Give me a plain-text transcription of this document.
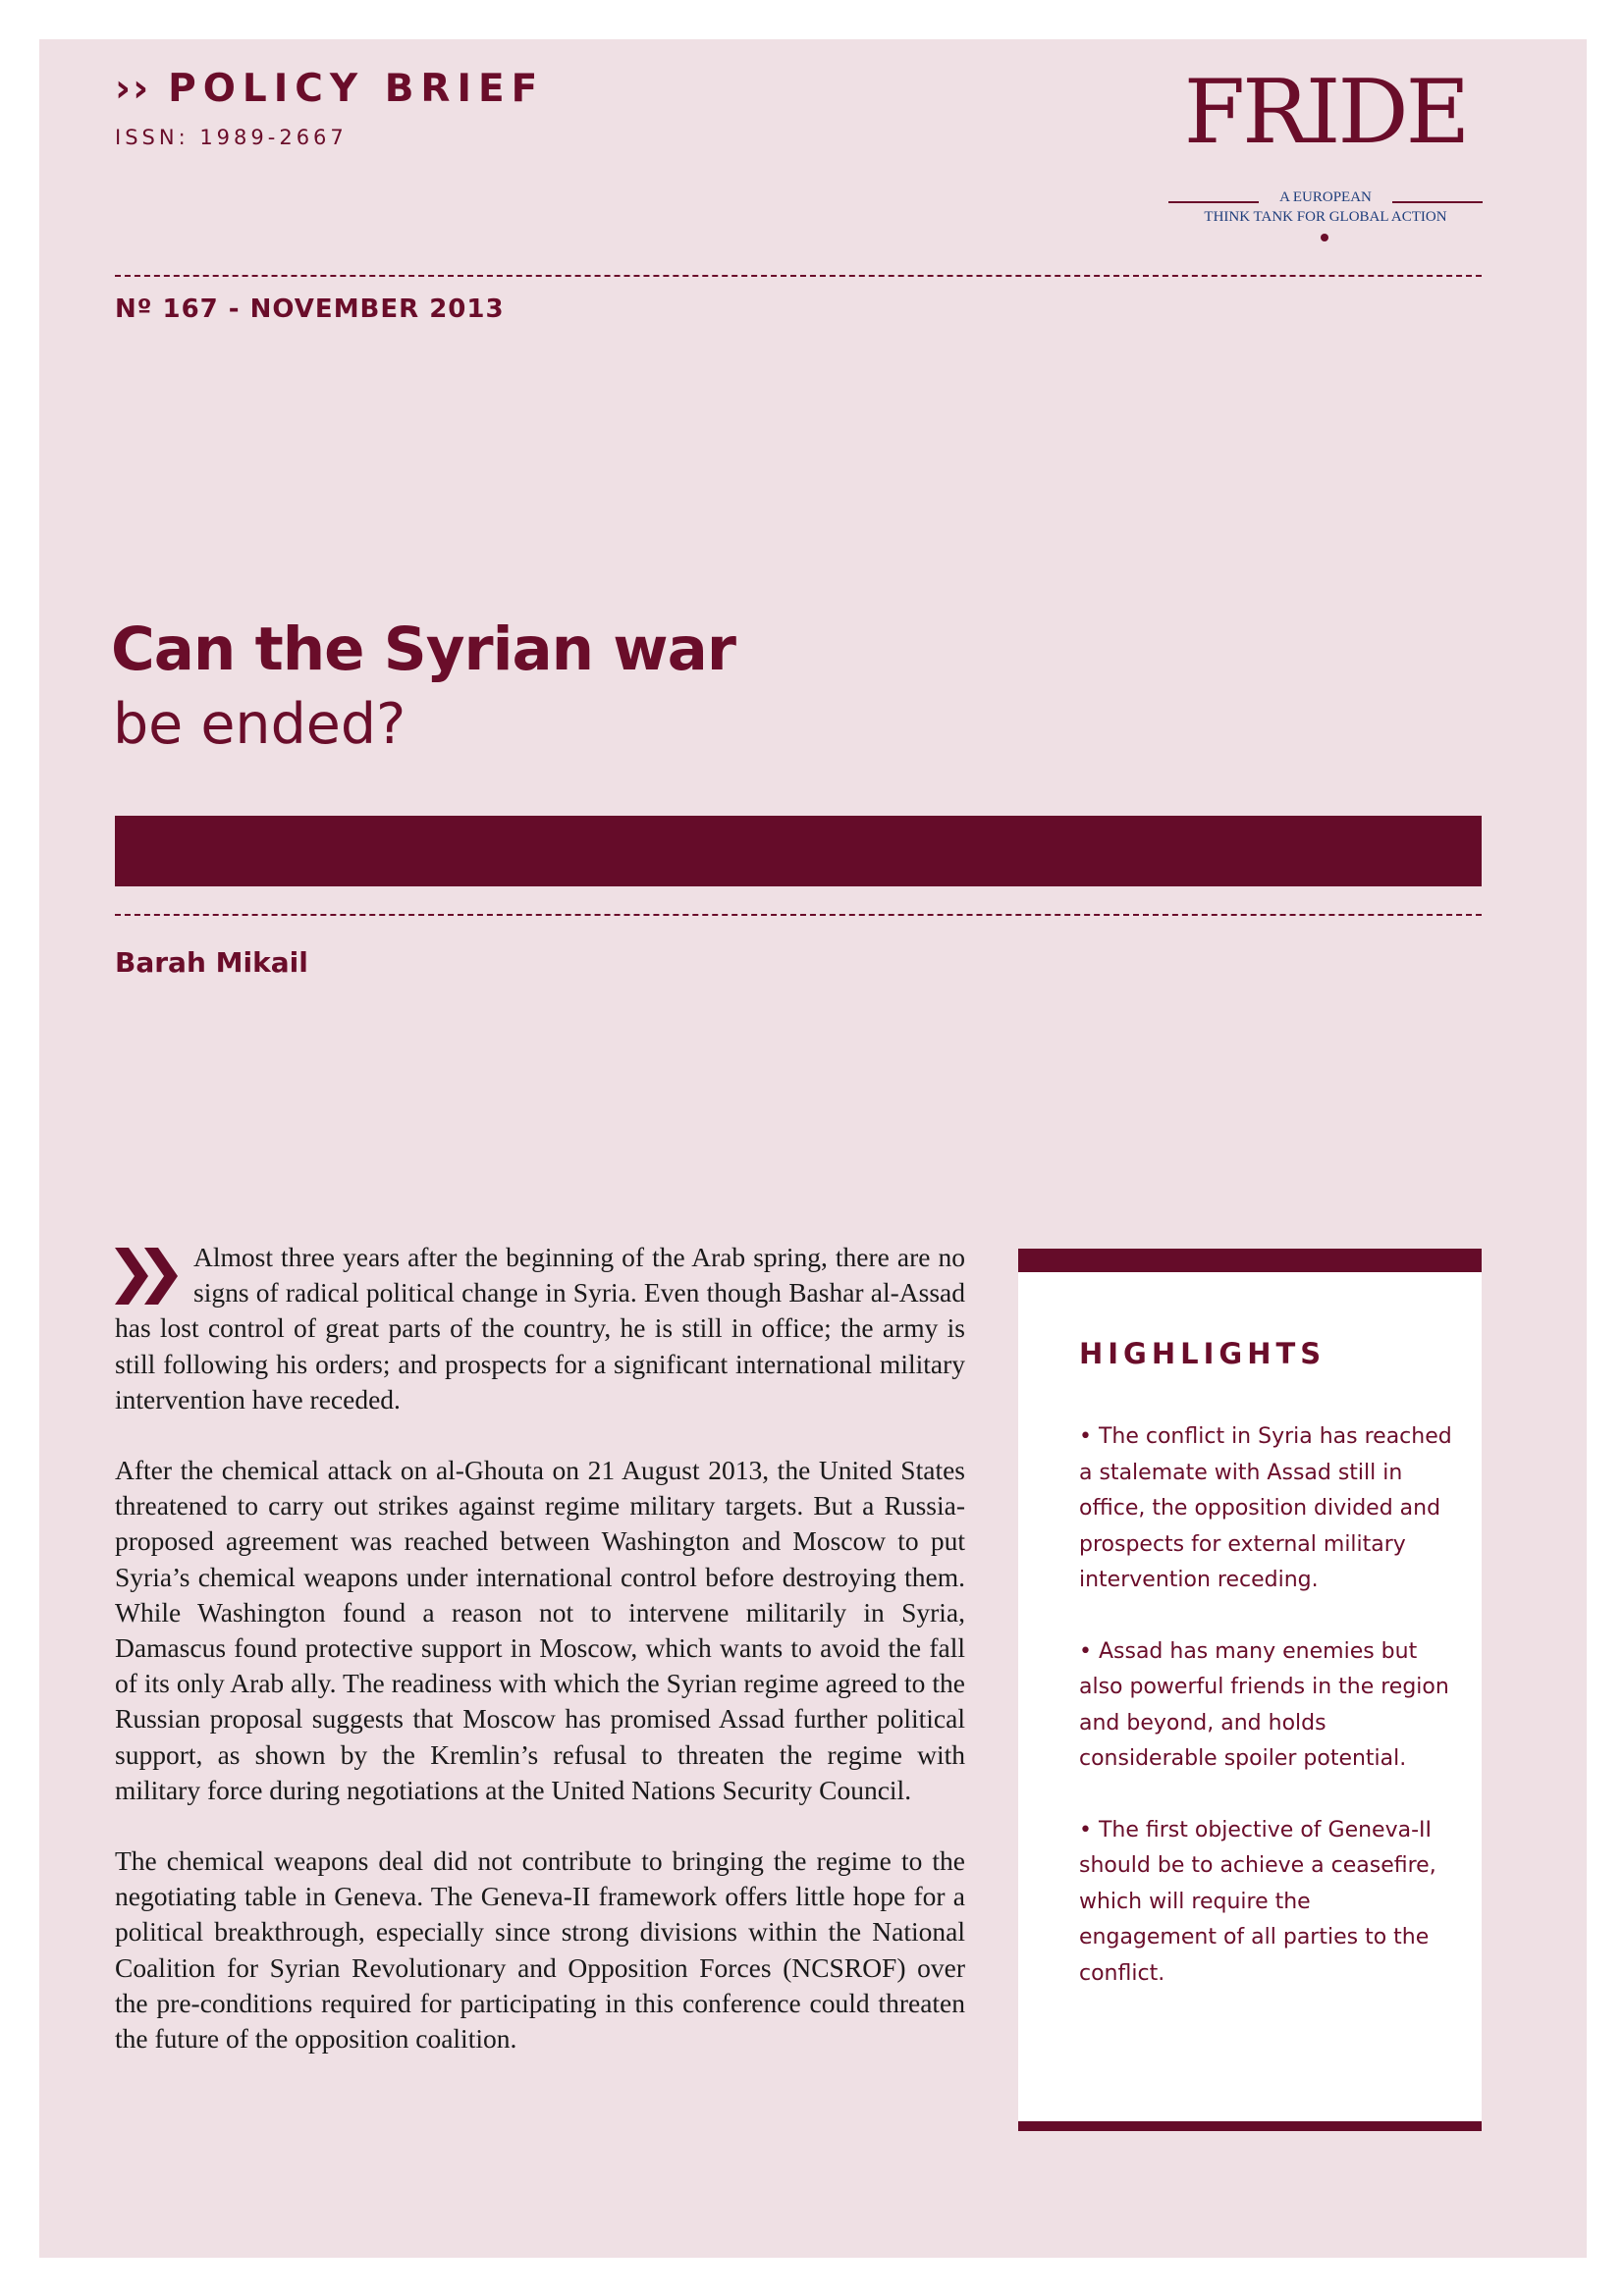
›› POLICY BRIEF
ISSN: 1989-2667	FRIDE
A EUROPEAN
THINK TANK FOR GLOBAL ACTION
Nº 167 - NOVEMBER 2013
Can the Syrian war
be ended?
Barah Mikail

Almost three years after the beginning of the Arab spring, there are no signs of radical political change in Syria. Even though Bashar al-Assad has lost control of great parts of the country, he is still in office; the army is still following his orders; and prospects for a significant international military intervention have receded.

After the chemical attack on al-Ghouta on 21 August 2013, the United States threatened to carry out strikes against regime military targets. But a Russia-proposed agreement was reached between Washington and Moscow to put Syria’s chemical weapons under international control before destroying them. While Washington found a reason not to intervene militarily in Syria, Damascus found protective support in Moscow, which wants to avoid the fall of its only Arab ally. The readiness with which the Syrian regime agreed to the Russian proposal suggests that Moscow has promised Assad further political support, as shown by the Kremlin’s refusal to threaten the regime with military force during negotiations at the United Nations Security Council.

The chemical weapons deal did not contribute to bringing the regime to the negotiating table in Geneva. The Geneva-II framework offers little hope for a political breakthrough, especially since strong divisions within the National Coalition for Syrian Revolutionary and Opposition Forces (NCSROF) over the pre-conditions required for participating in this conference could threaten the future of the opposition coalition.

HIGHLIGHTS
• The conflict in Syria has reached a stalemate with Assad still in office, the opposition divided and prospects for external military intervention receding.
• Assad has many enemies but also powerful friends in the region and beyond, and holds considerable spoiler potential.
• The first objective of Geneva-II should be to achieve a ceasefire, which will require the engagement of all parties to the conflict.
